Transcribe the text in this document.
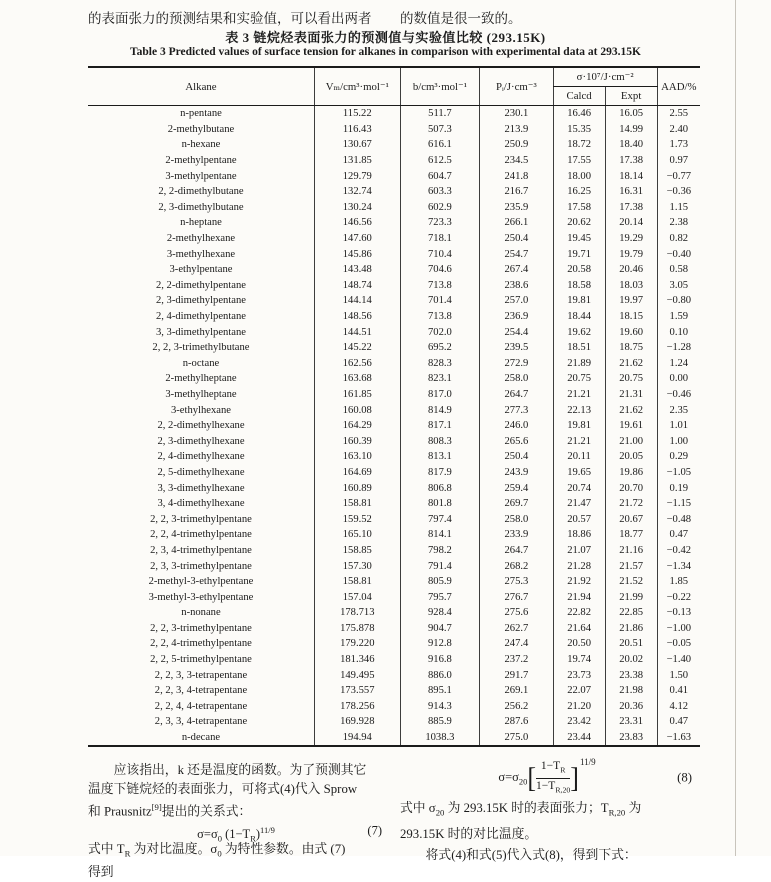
的表面张力的预测结果和实验值，可以看出两者 的数值是很一致的。
表 3 链烷烃表面张力的预测值与实验值比较 (293.15K)
Table 3 Predicted values of surface tension for alkanes in comparison with experimental data at 293.15K
Alkane	Vₘ/cm³·mol⁻¹	b/cm³·mol⁻¹	Pᵢ/J·cm⁻³	σ·10⁷/J·cm⁻²		AAD/%
				Calcd	Expt	
n-pentane	115.22	511.7	230.1	16.46	16.05	2.55
2-methylbutane	116.43	507.3	213.9	15.35	14.99	2.40
n-hexane	130.67	616.1	250.9	18.72	18.40	1.73
2-methylpentane	131.85	612.5	234.5	17.55	17.38	0.97
3-methylpentane	129.79	604.7	241.8	18.00	18.14	−0.77
2, 2-dimethylbutane	132.74	603.3	216.7	16.25	16.31	−0.36
2, 3-dimethylbutane	130.24	602.9	235.9	17.58	17.38	1.15
n-heptane	146.56	723.3	266.1	20.62	20.14	2.38
2-methylhexane	147.60	718.1	250.4	19.45	19.29	0.82
3-methylhexane	145.86	710.4	254.7	19.71	19.79	−0.40
3-ethylpentane	143.48	704.6	267.4	20.58	20.46	0.58
2, 2-dimethylpentane	148.74	713.8	238.6	18.58	18.03	3.05
2, 3-dimethylpentane	144.14	701.4	257.0	19.81	19.97	−0.80
2, 4-dimethylpentane	148.56	713.8	236.9	18.44	18.15	1.59
3, 3-dimethylpentane	144.51	702.0	254.4	19.62	19.60	0.10
2, 2, 3-trimethylbutane	145.22	695.2	239.5	18.51	18.75	−1.28
n-octane	162.56	828.3	272.9	21.89	21.62	1.24
2-methylheptane	163.68	823.1	258.0	20.75	20.75	0.00
3-methylheptane	161.85	817.0	264.7	21.21	21.31	−0.46
3-ethylhexane	160.08	814.9	277.3	22.13	21.62	2.35
2, 2-dimethylhexane	164.29	817.1	246.0	19.81	19.61	1.01
2, 3-dimethylhexane	160.39	808.3	265.6	21.21	21.00	1.00
2, 4-dimethylhexane	163.10	813.1	250.4	20.11	20.05	0.29
2, 5-dimethylhexane	164.69	817.9	243.9	19.65	19.86	−1.05
3, 3-dimethylhexane	160.89	806.8	259.4	20.74	20.70	0.19
3, 4-dimethylhexane	158.81	801.8	269.7	21.47	21.72	−1.15
2, 2, 3-trimethylpentane	159.52	797.4	258.0	20.57	20.67	−0.48
2, 2, 4-trimethylpentane	165.10	814.1	233.9	18.86	18.77	0.47
2, 3, 4-trimethylpentane	158.85	798.2	264.7	21.07	21.16	−0.42
2, 3, 3-trimethylpentane	157.30	791.4	268.2	21.28	21.57	−1.34
2-methyl-3-ethylpentane	158.81	805.9	275.3	21.92	21.52	1.85
3-methyl-3-ethylpentane	157.04	795.7	276.7	21.94	21.99	−0.22
n-nonane	178.713	928.4	275.6	22.82	22.85	−0.13
2, 2, 3-trimethylpentane	175.878	904.7	262.7	21.64	21.86	−1.00
2, 2, 4-trimethylpentane	179.220	912.8	247.4	20.50	20.51	−0.05
2, 2, 5-trimethylpentane	181.346	916.8	237.2	19.74	20.02	−1.40
2, 2, 3, 3-tetrapentane	149.495	886.0	291.7	23.73	23.38	1.50
2, 2, 3, 4-tetrapentane	173.557	895.1	269.1	22.07	21.98	0.41
2, 2, 4, 4-tetrapentane	178.256	914.3	256.2	21.20	20.36	4.12
2, 3, 3, 4-tetrapentane	169.928	885.9	287.6	23.42	23.31	0.47
n-decane	194.94	1038.3	275.0	23.44	23.83	−1.63

应该指出，k 还是温度的函数。为了预测其它

温度下链烷烃的表面张力，可将式(4)代入 Sprow

和 Prausnitz[9]提出的关系式：

$\sigma=\sigma_0$ $(1-T_R)^{11/9}$	(7)

式中 $T_R$ 为对比温度。$\sigma_0$ 为特性参数。由式 (7)

得到

$\sigma=\sigma_{20}$ [ $\frac{1-T_R}{1-T_{R,20}}$ ] 11/9
(8)

式中 $\sigma_{20}$ 为 293.15K 时的表面张力；$T_{R,20}$ 为

293.15K 时的对比温度。

将式(4)和式(5)代入式(8)，得到下式：
